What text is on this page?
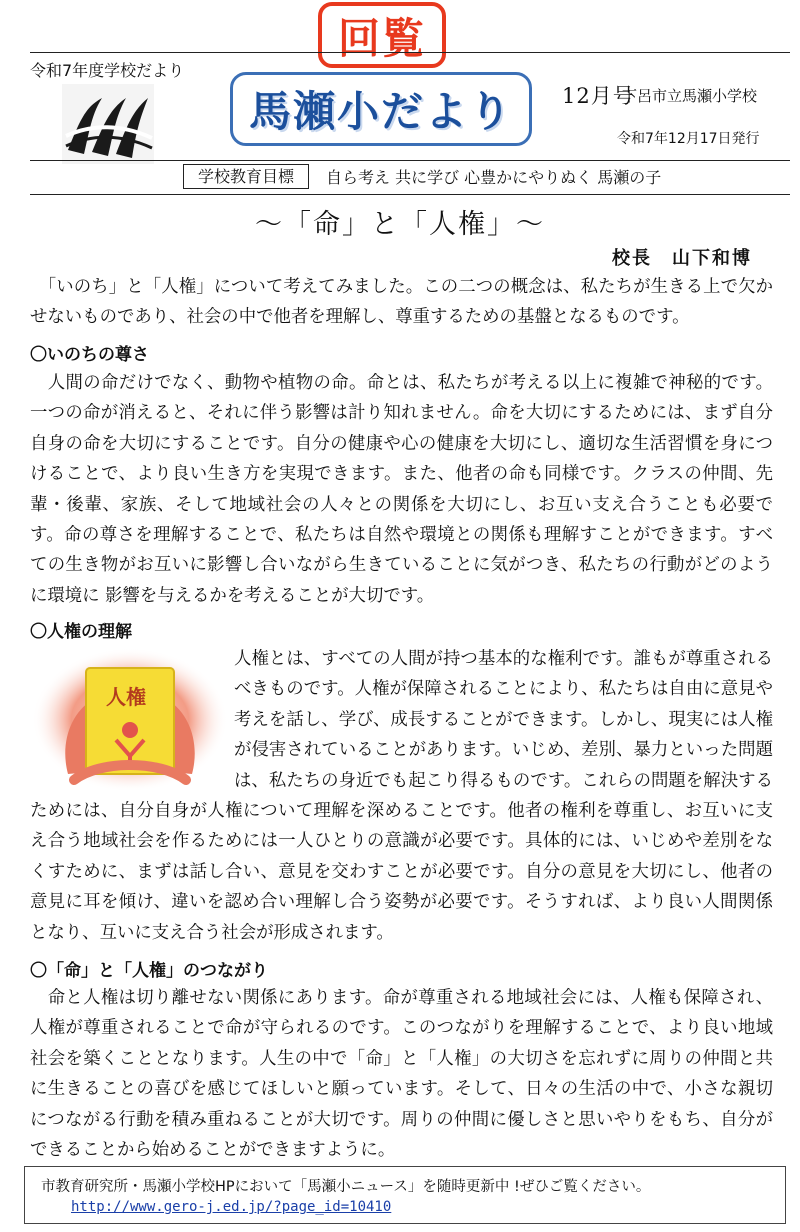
回覧
令和7年度学校だより
馬瀬小だより 12月号
下呂市立馬瀬小学校
令和7年12月17日発行
学校教育目標	自ら考え 共に学び 心豊かにやりぬく 馬瀬の子
～「命」と「人権」～
校長　山下和博

　「いのち」と「人権」について考えてみました。この二つの概念は、私たちが生きる上で欠かせないものであり、社会の中で他者を理解し、尊重するための基盤となるものです。

〇いのちの尊さ

　人間の命だけでなく、動物や植物の命。命とは、私たちが考える以上に複雑で神秘的です。一つの命が消えると、それに伴う影響は計り知れません。命を大切にするためには、まず自分自身の命を大切にすることです。自分の健康や心の健康を大切にし、適切な生活習慣を身につけることで、より良い生き方を実現できます。また、他者の命も同様です。クラスの仲間、先輩・後輩、家族、そして地域社会の人々との関係を大切にし、お互い支え合うことも必要です。命の尊さを理解することで、私たちは自然や環境との関係も理解すことができます。すべての生き物がお互いに影響し合いながら生きていることに気がつき、私たちの行動がどのように環境に 影響を与えるかを考えることが大切です。

〇人権の理解
人権
人権とは、すべての人間が持つ基本的な権利です。誰もが尊重されるべきものです。人権が保障されることにより、私たちは自由に意見や考えを話し、学び、成長することができます。しかし、現実には人権が侵害されていることがあります。いじめ、差別、暴力といった問題は、私たちの身近でも起こり得るものです。これらの問題を解決するためには、自分自身が人権について理解を深めることです。他者の権利を尊重し、お互いに支え合う地域社会を作るためには一人ひとりの意識が必要です。具体的には、いじめや差別をなくすために、まずは話し合い、意見を交わすことが必要です。自分の意見を大切にし、他者の意見に耳を傾け、違いを認め合い理解し合う姿勢が必要です。そうすれば、より良い人間関係となり、互いに支え合う社会が形成されます。
〇「命」と「人権」のつながり

　命と人権は切り離せない関係にあります。命が尊重される地域社会には、人権も保障され、人権が尊重されることで命が守られるのです。このつながりを理解することで、より良い地域社会を築くこととなります。人生の中で「命」と「人権」の大切さを忘れずに周りの仲間と共に生きることの喜びを感じてほしいと願っています。そして、日々の生活の中で、小さな親切につながる行動を積み重ねることが大切です。周りの仲間に優しさと思いやりをもち、自分ができることから始めることができますように。

市教育研究所・馬瀬小学校HPにおいて「馬瀬小ニュース」を随時更新中 !ぜひご覧ください。
http://www.gero-j.ed.jp/?page_id=10410
